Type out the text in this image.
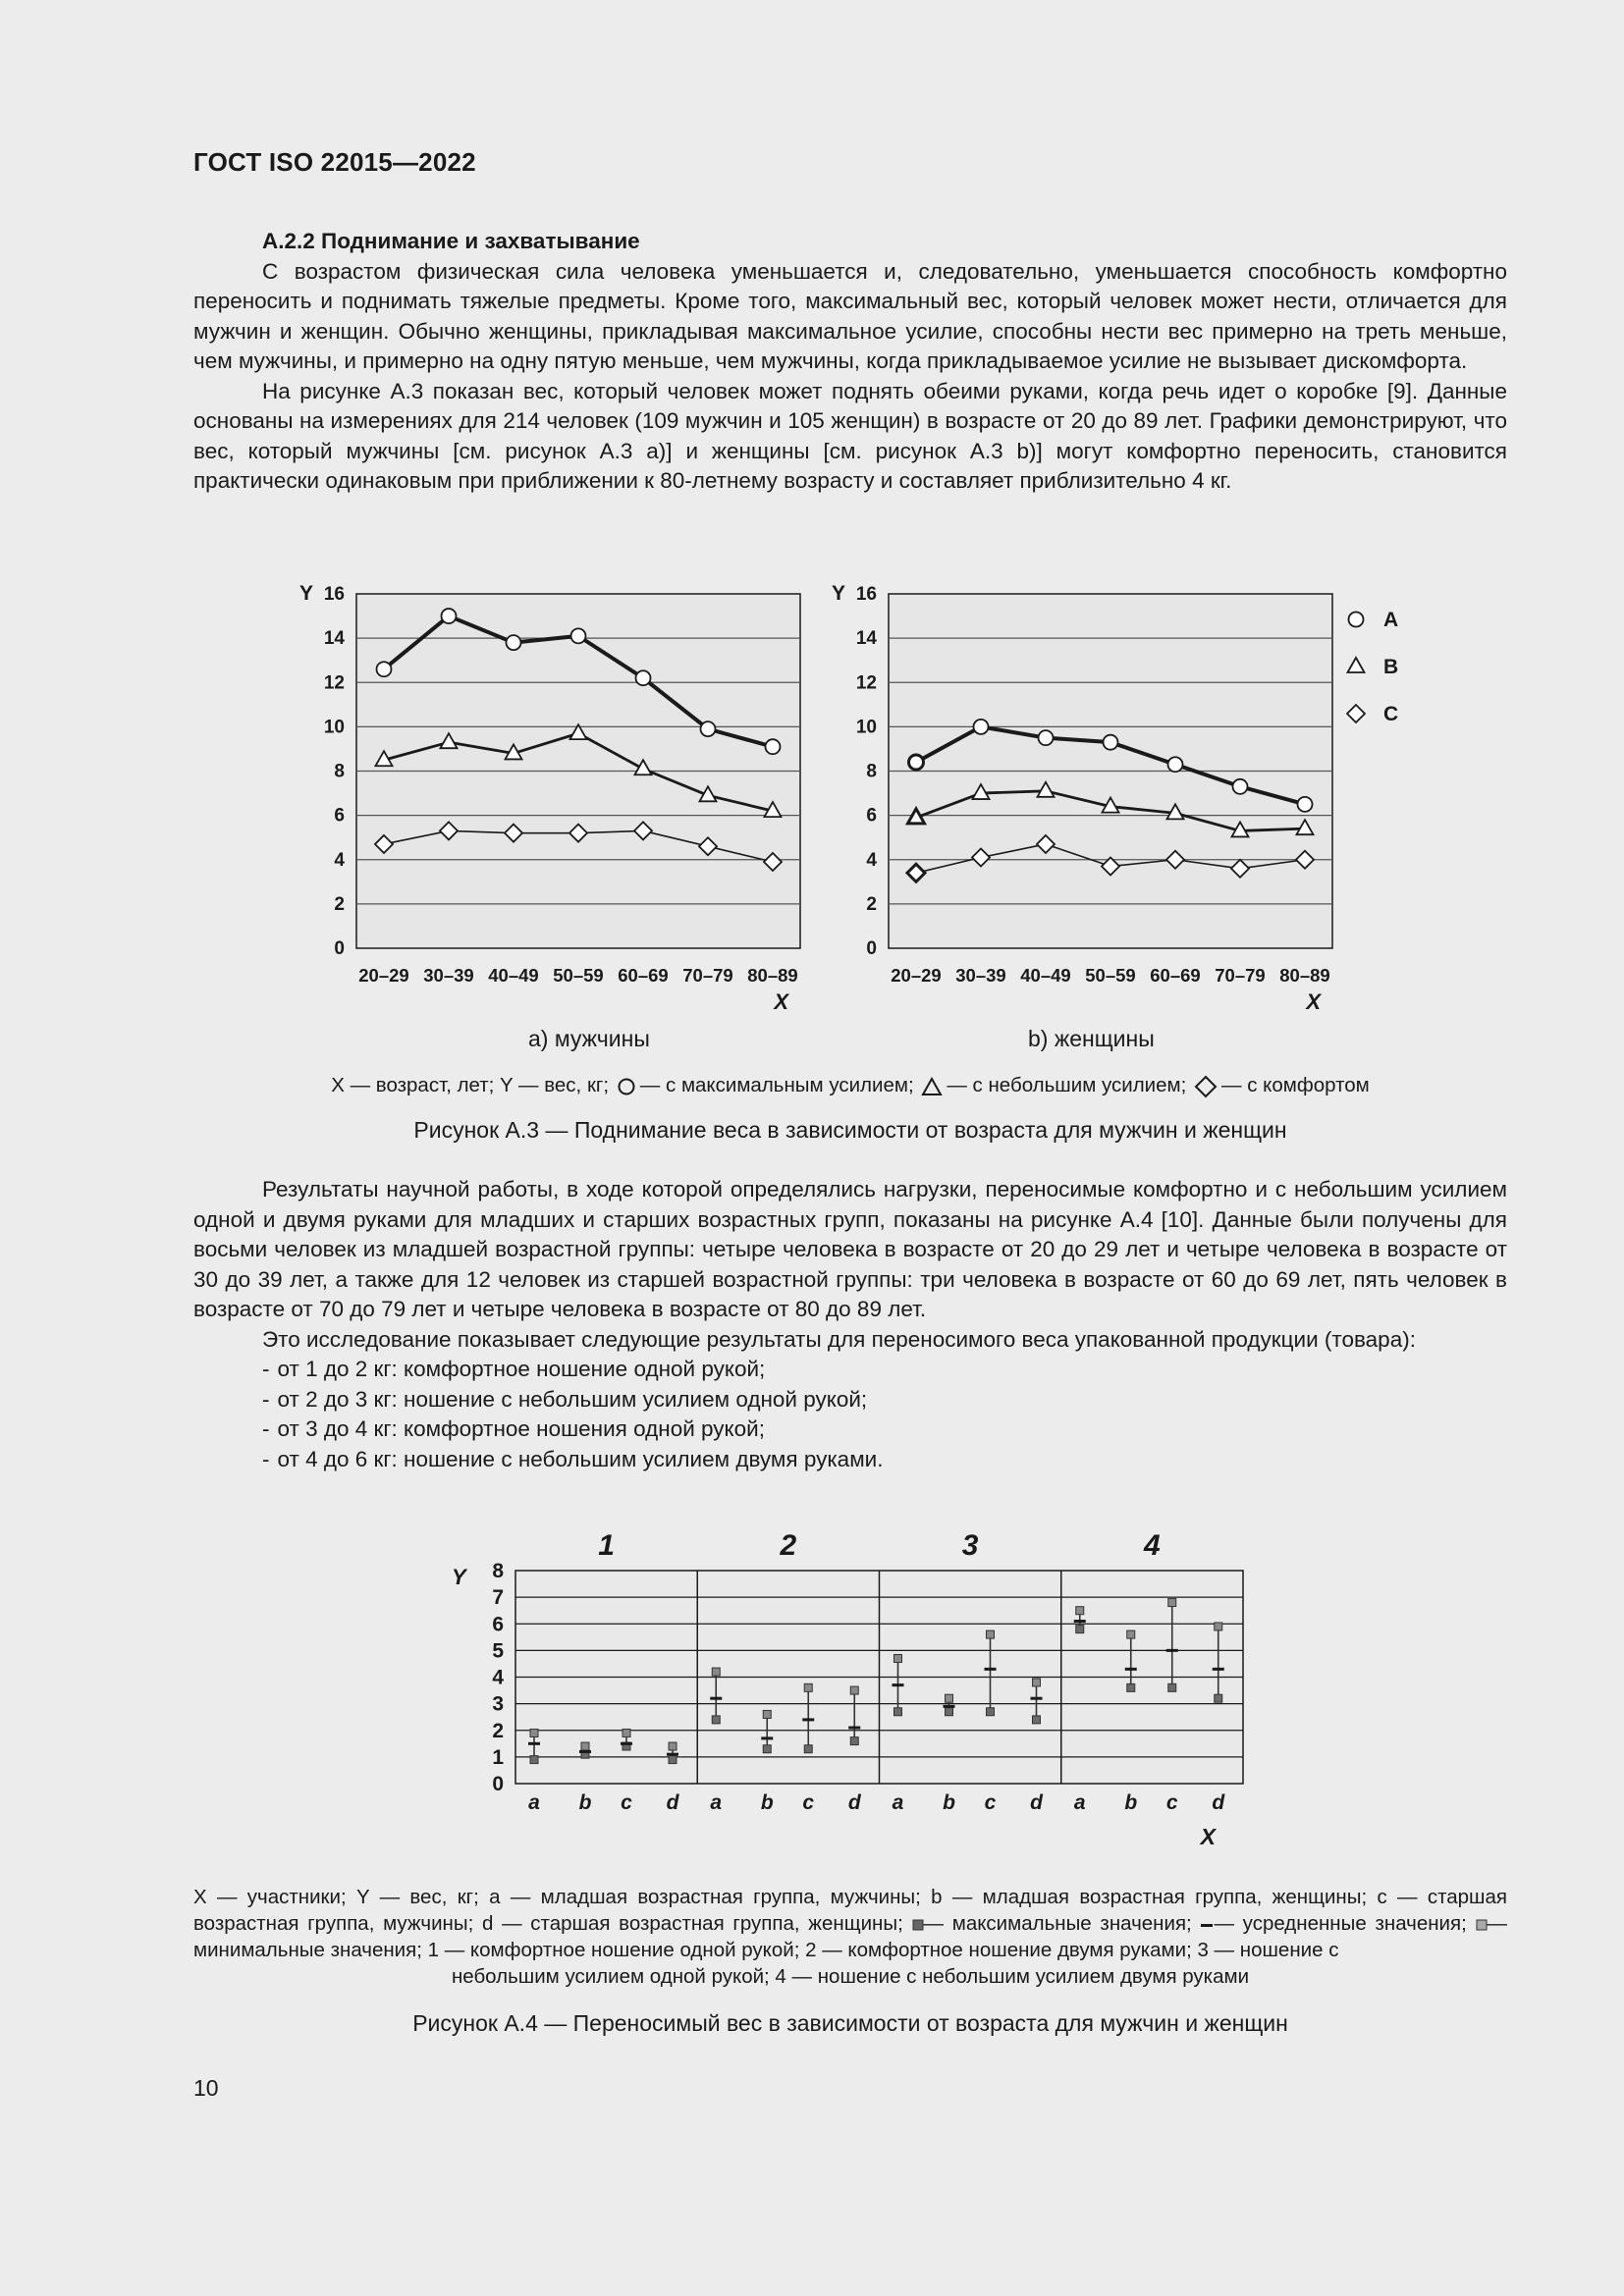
ГОСТ ISO 22015—2022

А.2.2 Поднимание и захватывание

С возрастом физическая сила человека уменьшается и, следовательно, уменьшается способность комфортно переносить и поднимать тяжелые предметы. Кроме того, максимальный вес, который человек может нести, отличается для мужчин и женщин. Обычно женщины, прикладывая максимальное усилие, способны нести вес примерно на треть меньше, чем мужчины, и примерно на одну пятую меньше, чем мужчины, когда прикладываемое усилие не вызывает дискомфорта.

На рисунке А.3 показан вес, который человек может поднять обеими руками, когда речь идет о коробке [9]. Данные основаны на измерениях для 214 человек (109 мужчин и 105 женщин) в возрасте от 20 до 89 лет. Графики демонстрируют, что вес, который мужчины [см. рисунок А.3 a)] и женщины [см. рисунок А.3 b)] могут комфортно переносить, становится практически одинаковым при приближении к 80-летнему возрасту и составляет приблизительно 4 кг.

0
2
4
6
8
10
12
14
16
Y
20–29 30–39 40–49 50–59 60–69 70–79 80–89
X
0
2
4
6
8
10
12
14
16
Y
20–29 30–39 40–49 50–59 60–69 70–79 80–89
X
A
B
C
a) мужчины	b) женщины
X — возраст, лет; Y — вес, кг; — с максимальным усилием; — с небольшим усилием; — с комфортом
Рисунок А.3 — Поднимание веса в зависимости от возраста для мужчин и женщин

Результаты научной работы, в ходе которой определялись нагрузки, переносимые комфортно и с небольшим усилием одной и двумя руками для младших и старших возрастных групп, показаны на рисунке А.4 [10]. Данные были получены для восьми человек из младшей возрастной группы: четыре человека в возрасте от 20 до 29 лет и четыре человека в возрасте от 30 до 39 лет, а также для 12 человек из старшей возрастной группы: три человека в возрасте от 60 до 69 лет, пять человек в возрасте от 70 до 79 лет и четыре человека в возрасте от 80 до 89 лет.

Это исследование показывает следующие результаты для переносимого веса упакованной продукции (товара):

- от 1 до 2 кг: комфортное ношение одной рукой;
- от 2 до 3 кг: ношение с небольшим усилием одной рукой;
- от 3 до 4 кг: комфортное ношения одной рукой;
- от 4 до 6 кг: ношение с небольшим усилием двумя руками.
0
1
2
3
4
5
6
7
8
Y
1
a b c d
2
a b c d
3
a b c d
4
a b c d
X
X — участники; Y — вес, кг; a — младшая возрастная группа, мужчины; b — младшая возрастная группа, женщины; c — старшая возрастная группа, мужчины; d — старшая возрастная группа, женщины; — максимальные значения; — усредненные значения; — минимальные значения; 1 — комфортное ношение одной рукой; 2 — комфортное ношение двумя руками; 3 — ношение с
небольшим усилием одной рукой; 4 — ношение с небольшим усилием двумя руками
Рисунок А.4 — Переносимый вес в зависимости от возраста для мужчин и женщин
10
